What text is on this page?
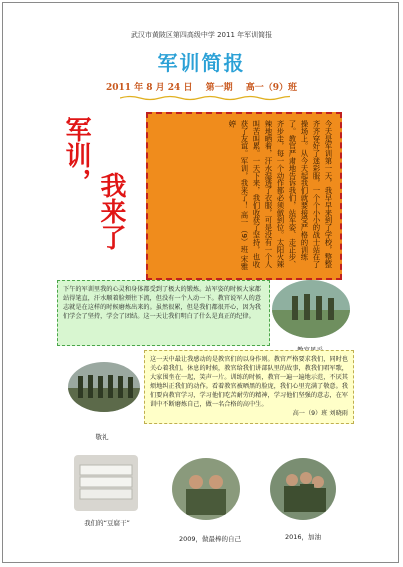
武汉市黄陂区第四高级中学 2011 年军训简报
军训简报
2011 年 8 月 24 日 第一期 高一（9）班
军训，
我来了	今天是军训第一天，我早早来到了学校，整整齐齐穿好了迷彩服，一个个小小的战士站在了操场上。从今天起我们就要接受严格的训练了。教官严肃地告诉我们，站军姿、走正步、齐步走，每一个动作都必须做到位。太阳火辣辣地晒着，汗水湿透了衣服，可是没有一个人叫苦叫累。一天下来，我们收获了坚持，也收获了友谊。军训，我来了！ 高一（9）班 宋雅婷
下午的军训里我的心灵和身体都受到了极大的锻炼。站军姿的时候大家都站得笔直，汗水顺着脸颊往下流，但没有一个人动一下。教官说军人的意志就是在这样的时候磨炼出来的。虽然很累，但是我们都很开心，因为我们学会了坚持，学会了团结。这一天让我们明白了什么是真正的纪律。
敬礼
这一天中最让我感动的是教官们的以身作则。教官严格要求我们，同时也关心着我们。休息的时候，教官给我们讲部队里的故事，教我们唱军歌，大家围坐在一起，笑声一片。训练的时候，教官一遍一遍地示范，不厌其烦地纠正我们的动作。看着教官被晒黑的脸庞，我们心里充满了敬意。我们要向教官学习，学习他们吃苦耐劳的精神，学习他们坚强的意志，在军训中不断磨炼自己，做一名合格的高中生。
高一（9）班 刘晓雨
我们的“豆腐干”
2009，做最棒的自己	2016，加油
